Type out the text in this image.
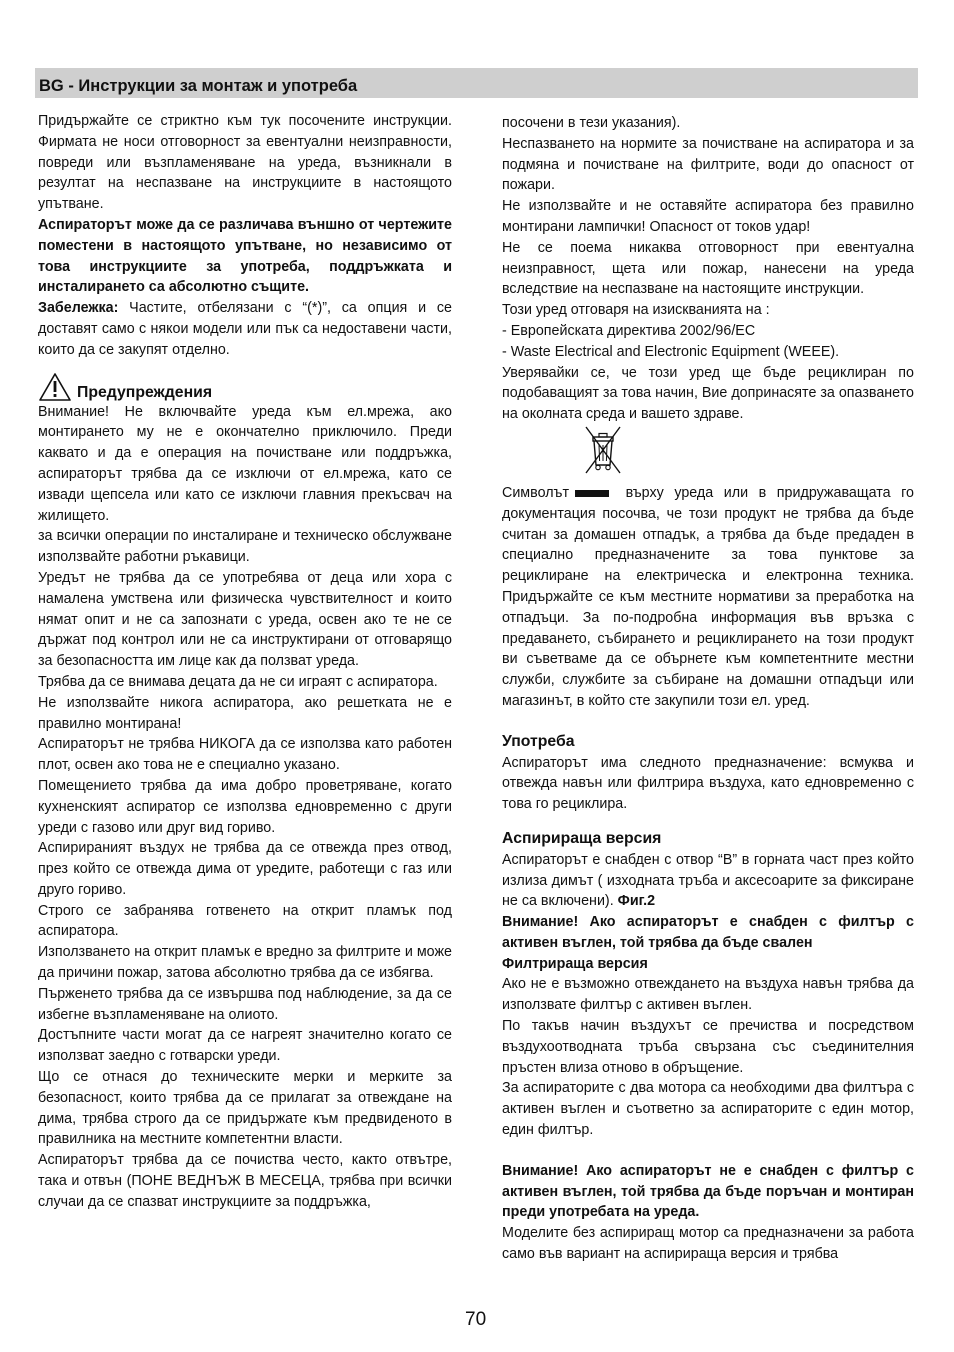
BG - Инструкции за монтаж и употреба

Придържайте се стриктно към тук посочените инструкции. Фирмата не носи отговорност за евентуални неизправности, повреди или възпламеняване на уреда, възникнали в резултат на неспазване на инструкциите в настоящото упътване.

Аспираторът може да се различава външно от чертежите поместени в настоящото упътване, но независимо от това инструкциите за употреба, поддръжката и инсталирането са абсолютно същите.

Забележка: Частите, отбелязани с “(*)”, са опция и се доставят само с някои модели или пък са недоставени части, които да се закупят отделно.

Предупреждения

Внимание! Не включвайте уреда към ел.мрежа, ако монтирането му не е окончателно приключило. Преди каквато и да е операция на почистване или поддръжка, аспираторът трябва да се изключи от ел.мрежа, като се извади щепсела или като се изключи главния прекъсвач на жилището.

за всички операции по инсталиране и техническо обслужване използвайте работни ръкавици.

Уредът не трябва да се употребява от деца или хора с намалена умствена или физическа чувствителност и които нямат опит и не са запознати с уреда, освен ако те не се държат под контрол или не са инструктирани от отговарящо за безопасността им лице как да ползват уреда.

Трябва да се внимава децата да не си играят с аспиратора.

Не използвайте никога аспиратора, ако решетката не е правилно монтирана!

Аспираторът не трябва НИКОГА да се използва като работен плот, освен ако това не е специално указано.

Помещението трябва да има добро проветряване, когато кухненският аспиратор се използва едновременно с други уреди с газово или друг вид гориво.

Аспирираният въздух не трябва да се отвежда през отвод, през който се отвежда дима от уредите, работещи с газ или друго гориво.

Строго се забранява готвенето на открит пламък под аспиратора.

Използването на открит пламък е вредно за филтрите и може да причини пожар, затова абсолютно трябва да се избягва.

Пърженето трябва да се извършва под наблюдение, за да се избегне възпламеняване на олиото.

Достъпните части могат да се нагреят значително когато се използват заедно с готварски уреди.

Що се отнася до техническите мерки и мерките за безопасност, които трябва да се прилагат за отвеждане на дима, трябва строго да се придържате към предвиденото в правилника на местните компетентни власти.

Аспираторът трябва да се почиства често, както отвътре, така и отвън (ПОНЕ ВЕДНЪЖ В МЕСЕЦА, трябва при всички случаи да се спазват инструкциите за поддръжка,

посочени в тези указания).

Неспазването на нормите за почистване на аспиратора и за подмяна и почистване на филтрите, води до опасност от пожари.

Не използвайте и не оставяйте аспиратора без правилно монтирани лампички! Опасност от токов удар!

Не се поема никаква отговорност при евентуална неизправност, щета или пожар, нанесени на уреда вследствие на неспазване на настоящите инструкции.

Този уред отговаря на изискванията на :

- Европейската директива 2002/96/ЕС

- Waste Electrical and Electronic Equipment (WEEE).

Уверявайки се, че този уред ще бъде рециклиран по подобаващият за това начин, Вие допринасяте за опазването на околната среда и вашето здраве.

Символът	върху уреда или в придружаващата го документация посочва, че този продукт не трябва да бъде считан за домашен отпадък, а трябва да бъде предаден в специално предназначените за това пунктове за рециклиране на електрическа и електронна техника. Придържайте се към местните нормативи за преработка на отпадъци. За по-подробна информация във връзка с предаването, събирането и рециклирането на този продукт ви съветваме да се обърнете към компетентните местни служби, службите за събиране на домашни отпадъци или магазинът, в който сте закупили този ел. уред.

Употреба

Аспираторът има следното предназначение: всмуква и отвежда навън или филтрира въздуха, като едновременно с това го рециклира.

Аспирираща версия

Аспираторът е снабден с отвор “В” в горната част през който излиза димът ( изходната тръба и аксесоарите за фиксиране не са включени). Фиг.2

Внимание! Ако аспираторът е снабден с филтър с активен въглен, той трябва да бъде свален

Филтрираща версия

Ако не е възможно отвеждането на въздуха навън трябва да използвате филтър с активен въглен.

По такъв начин въздухът се пречиства и посредством въздухоотводната тръба свързана със съединителния пръстен влиза отново в обръщение.

За аспираторите с два мотора са необходими два филтъра с активен въглен и съответно за аспираторите с един мотор, един филтър.

Внимание! Ако аспираторът не е снабден с филтър с активен въглен, той трябва да бъде поръчан и монтиран преди употребата на уреда.

Моделите без аспириращ мотор са предназначени за работа само във вариант на аспирираща версия и трябва

70
